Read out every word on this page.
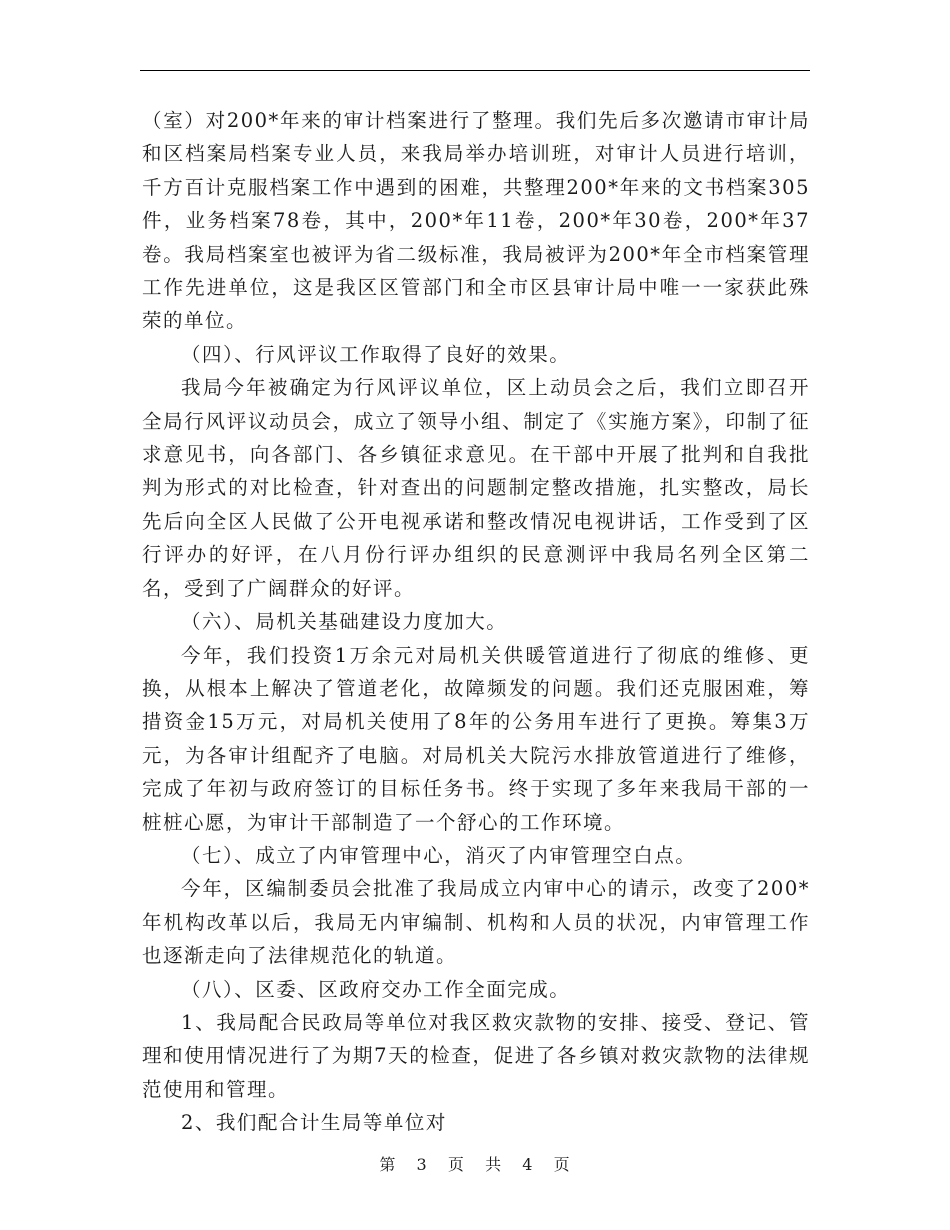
（室）对200*年来的审计档案进行了整理。我们先后多次邀请市审计局和区档案局档案专业人员，来我局举办培训班，对审计人员进行培训，千方百计克服档案工作中遇到的困难，共整理200*年来的文书档案305件，业务档案78卷，其中，200*年11卷，200*年30卷，200*年37卷。我局档案室也被评为省二级标准，我局被评为200*年全市档案管理工作先进单位，这是我区区管部门和全市区县审计局中唯一一家获此殊荣的单位。

（四）、行风评议工作取得了良好的效果。

我局今年被确定为行风评议单位，区上动员会之后，我们立即召开全局行风评议动员会，成立了领导小组、制定了《实施方案》，印制了征求意见书，向各部门、各乡镇征求意见。在干部中开展了批判和自我批判为形式的对比检查，针对查出的问题制定整改措施，扎实整改，局长先后向全区人民做了公开电视承诺和整改情况电视讲话，工作受到了区行评办的好评，在八月份行评办组织的民意测评中我局名列全区第二名，受到了广阔群众的好评。

（六）、局机关基础建设力度加大。

今年，我们投资1万余元对局机关供暖管道进行了彻底的维修、更换，从根本上解决了管道老化，故障频发的问题。我们还克服困难，筹措资金15万元，对局机关使用了8年的公务用车进行了更换。筹集3万元，为各审计组配齐了电脑。对局机关大院污水排放管道进行了维修，完成了年初与政府签订的目标任务书。终于实现了多年来我局干部的一桩桩心愿，为审计干部制造了一个舒心的工作环境。

（七）、成立了内审管理中心，消灭了内审管理空白点。

今年，区编制委员会批准了我局成立内审中心的请示，改变了200*年机构改革以后，我局无内审编制、机构和人员的状况，内审管理工作也逐渐走向了法律规范化的轨道。

（八）、区委、区政府交办工作全面完成。

1、我局配合民政局等单位对我区救灾款物的安排、接受、登记、管理和使用情况进行了为期7天的检查，促进了各乡镇对救灾款物的法律规范使用和管理。

2、我们配合计生局等单位对

第 3 页 共 4 页
